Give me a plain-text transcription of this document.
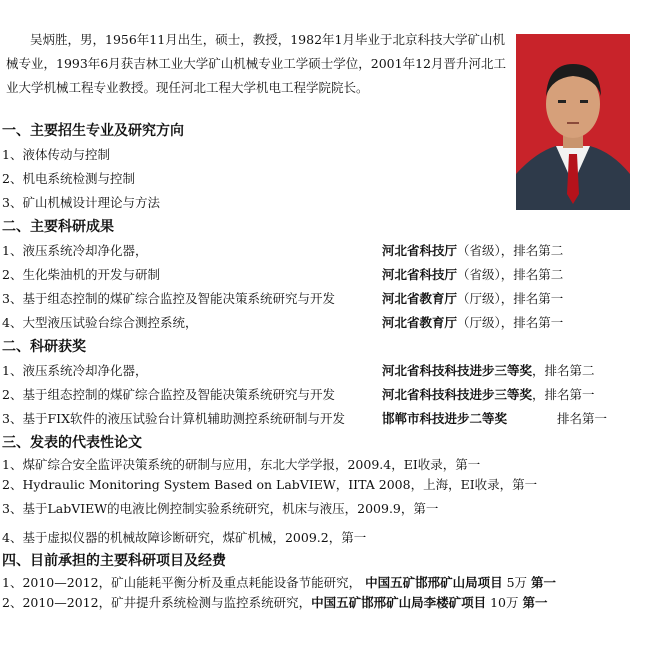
吴炳胜，男，1956年11月出生，硕士，教授，1982年1月毕业于北京科技大学矿山机械专业，1993年6月获吉林工业大学矿山机械专业工学硕士学位，2001年12月晋升河北工业大学机械工程专业教授。现任河北工程大学机电工程学院院长。

一、主要招生专业及研究方向
1、液体传动与控制
2、机电系统检测与控制
3、矿山机械设计理论与方法
二、主要科研成果
1、液压系统冷却净化器，	河北省科技厅（省级），排名第二
2、生化柴油机的开发与研制	河北省科技厅（省级），排名第二
3、基于组态控制的煤矿综合监控及智能决策系统研究与开发	河北省教育厅（厅级），排名第一
4、大型液压试验台综合测控系统，	河北省教育厅（厅级），排名第一
二、科研获奖
1、液压系统冷却净化器，	河北省科技科技进步三等奖，排名第二
2、基于组态控制的煤矿综合监控及智能决策系统研究与开发	河北省科技科技进步三等奖，排名第一
3、基于FIX软件的液压试验台计算机辅助测控系统研制与开发	邯郸市科技进步二等奖	排名第一
三、发表的代表性论文
1、煤矿综合安全监评决策系统的研制与应用，东北大学学报，2009.4，EI收录，第一
2、Hydraulic Monitoring System Based on LabVIEW，IITA 2008，上海，EI收录，第一
3、基于LabVIEW的电液比例控制实验系统研究，机床与液压，2009.9，第一
4、基于虚拟仪器的机械故障诊断研究，煤矿机械，2009.2，第一
四、目前承担的主要科研项目及经费
1、2010—2012，矿山能耗平衡分析及重点耗能设备节能研究， 中国五矿邯邢矿山局项目 5万 第一
2、2010—2012，矿井提升系统检测与监控系统研究，中国五矿邯邢矿山局李楼矿项目 10万 第一
